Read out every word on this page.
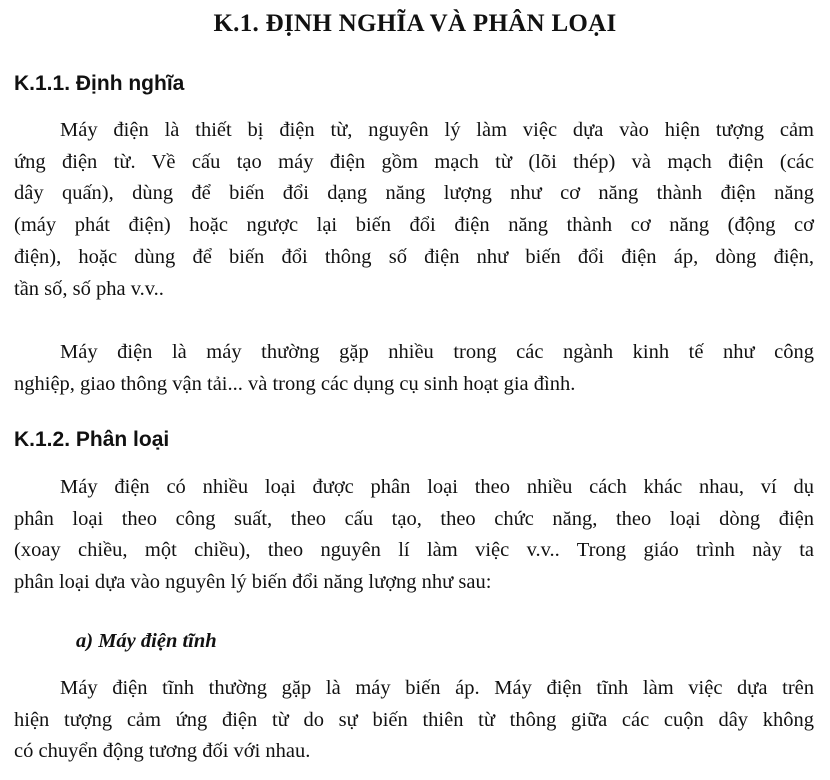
K.1. ĐỊNH NGHĨA VÀ PHÂN LOẠI
K.1.1. Định nghĩa

Máy điện là thiết bị điện từ, nguyên lý làm việc dựa vào hiện tượng cảm
ứng điện từ. Về cấu tạo máy điện gồm mạch từ (lõi thép) và mạch điện (các
dây quấn), dùng để biến đổi dạng năng lượng như cơ năng thành điện năng
(máy phát điện) hoặc ngược lại biến đổi điện năng thành cơ năng (động cơ
điện), hoặc dùng để biến đổi thông số điện như biến đổi điện áp, dòng điện,
tần số, số pha v.v..

Máy điện là máy thường gặp nhiều trong các ngành kinh tế như công
nghiệp, giao thông vận tải... và trong các dụng cụ sinh hoạt gia đình.

K.1.2. Phân loại

Máy điện có nhiều loại được phân loại theo nhiều cách khác nhau, ví dụ
phân loại theo công suất, theo cấu tạo, theo chức năng, theo loại dòng điện
(xoay chiều, một chiều), theo nguyên lí làm việc v.v.. Trong giáo trình này ta
phân loại dựa vào nguyên lý biến đổi năng lượng như sau:

a) Máy điện tĩnh

Máy điện tĩnh thường gặp là máy biến áp. Máy điện tĩnh làm việc dựa trên
hiện tượng cảm ứng điện từ do sự biến thiên từ thông giữa các cuộn dây không
có chuyển động tương đối với nhau.
